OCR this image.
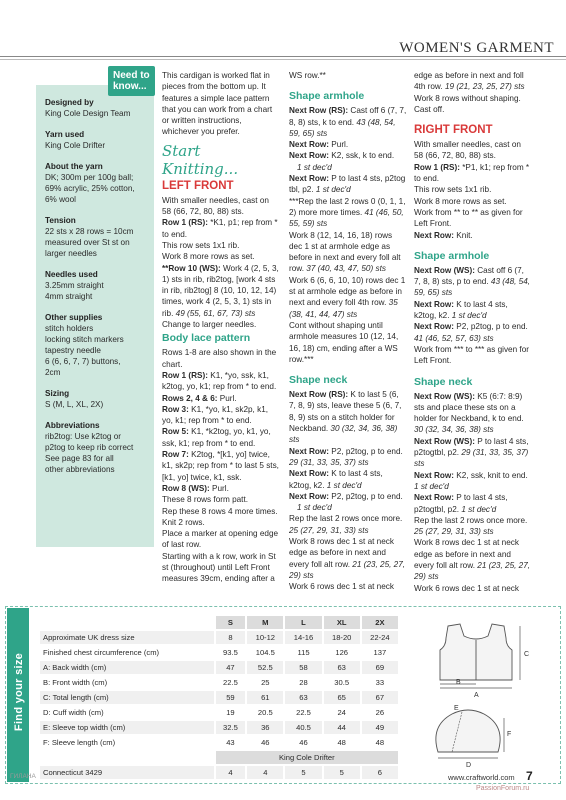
WOMEN'S GARMENT
Designed by
King Cole Design Team
Yarn used
King Cole Drifter
About the yarn
DK; 300m per 100g ball;
69% acrylic, 25% cotton,
6% wool
Tension
22 sts x 28 rows = 10cm
measured over St st on
larger needles
Needles used
3.25mm straight
4mm straight
Other supplies
stitch holders
locking stitch markers
tapestry needle
6 (6, 6, 7, 7) buttons,
2cm
Sizing
S (M, L, XL, 2X)
Abbreviations
rib2tog: Use k2tog or
p2tog to keep rib correct
See page 83 for all
other abbreviations
Need to know...
This cardigan is worked flat in pieces from the bottom up. It features a simple lace pattern that you can work from a chart or written instructions, whichever you prefer.
Start Knitting...
LEFT FRONT
With smaller needles, cast on 58 (66, 72, 80, 88) sts.
Row 1 (RS): *K1, p1; rep from * to end.
This row sets 1x1 rib.
Work 8 more rows as set.
**Row 10 (WS): Work 4 (2, 5, 3, 1) sts in rib, rib2tog, [work 4 sts in rib, rib2tog] 8 (10, 10, 12, 14) times, work 4 (2, 5, 3, 1) sts in rib. 49 (55, 61, 67, 73) sts
Change to larger needles.
Body lace pattern
Rows 1-8 are also shown in the chart.
Row 1 (RS): K1, *yo, ssk, k1, k2tog, yo, k1; rep from * to end.
Rows 2, 4 & 6: Purl.
Row 3: K1, *yo, k1, sk2p, k1, yo, k1; rep from * to end.
Row 5: K1, *k2tog, yo, k1, yo, ssk, k1; rep from * to end.
Row 7: K2tog, *[k1, yo] twice, k1, sk2p; rep from * to last 5 sts, [k1, yo] twice, k1, ssk.
Row 8 (WS): Purl.
These 8 rows form patt.
Rep these 8 rows 4 more times.
Knit 2 rows.
Place a marker at opening edge of last row.
Starting with a k row, work in St st (throughout) until Left Front measures 39cm, ending after a
WS row.**
Shape armhole
Next Row (RS): Cast off 6 (7, 7, 8, 8) sts, k to end. 43 (48, 54, 59, 65) sts
Next Row: Purl.
Next Row: K2, ssk, k to end.
1 st dec'd
Next Row: P to last 4 sts, p2tog tbl, p2. 1 st dec'd
***Rep the last 2 rows 0 (0, 1, 1, 2) more more times. 41 (46, 50, 55, 59) sts
Work 8 (12, 14, 16, 18) rows dec 1 st at armhole edge as before in next and every foll alt row. 37 (40, 43, 47, 50) sts
Work 6 (6, 6, 10, 10) rows dec 1 st at armhole edge as before in next and every foll 4th row. 35 (38, 41, 44, 47) sts
Cont without shaping until armhole measures 10 (12, 14, 16, 18) cm, ending after a WS row.***
Shape neck
Next Row (RS): K to last 5 (6, 7, 8, 9) sts, leave these 5 (6, 7, 8, 9) sts on a stitch holder for Neckband. 30 (32, 34, 36, 38) sts
Next Row: P2, p2tog, p to end. 29 (31, 33, 35, 37) sts
Next Row: K to last 4 sts, k2tog, k2. 1 st dec'd
Next Row: P2, p2tog, p to end.
1 st dec'd
Rep the last 2 rows once more.
25 (27, 29, 31, 33) sts
Work 8 rows dec 1 st at neck edge as before in next and every foll alt row. 21 (23, 25, 27, 29) sts
Work 6 rows dec 1 st at neck
edge as before in next and foll 4th row. 19 (21, 23, 25, 27) sts
Work 8 rows without shaping.
Cast off.
RIGHT FRONT
With smaller needles, cast on 58 (66, 72, 80, 88) sts.
Row 1 (RS): *P1, k1; rep from * to end.
This row sets 1x1 rib.
Work 8 more rows as set.
Work from ** to ** as given for Left Front.
Next Row: Knit.
Shape armhole
Next Row (WS): Cast off 6 (7, 7, 8, 8) sts, p to end. 43 (48, 54, 59, 65) sts
Next Row: K to last 4 sts, k2tog, k2. 1 st dec'd
Next Row: P2, p2tog, p to end. 41 (46, 52, 57, 63) sts
Work from *** to *** as given for Left Front.
Shape neck
Next Row (WS): K5 (6:7: 8:9) sts and place these sts on a holder for Neckband, k to end. 30 (32, 34, 36, 38) sts
Next Row (WS): P to last 4 sts, p2togtbl, p2. 29 (31, 33, 35, 37) sts
Next Row: K2, ssk, knit to end. 1 st dec'd
Next Row: P to last 4 sts, p2togtbl, p2. 1 st dec'd
Rep the last 2 rows once more.
25 (27, 29, 31, 33) sts
Work 8 rows dec 1 st at neck edge as before in next and every foll alt row. 21 (23, 25, 27, 29) sts
Work 6 rows dec 1 st at neck
Find your size
	S	M	L	XL	2X
Approximate UK dress size	8	10-12	14-16	18-20	22-24
Finished chest circumference (cm)	93.5	104.5	115	126	137
A: Back width (cm)	47	52.5	58	63	69
B: Front width (cm)	22.5	25	28	30.5	33
C: Total length (cm)	59	61	63	65	67
D: Cuff width (cm)	19	20.5	22.5	24	26
E: Sleeve top width (cm)	32.5	36	40.5	44	49
F: Sleeve length (cm)	43	46	46	48	48
	King Cole Drifter				
Connecticut 3429	4	4	5	5	6
C
A
B
E
F
D
ГИЛАНА	www.craftworld.com 7
PassionForum.ru
